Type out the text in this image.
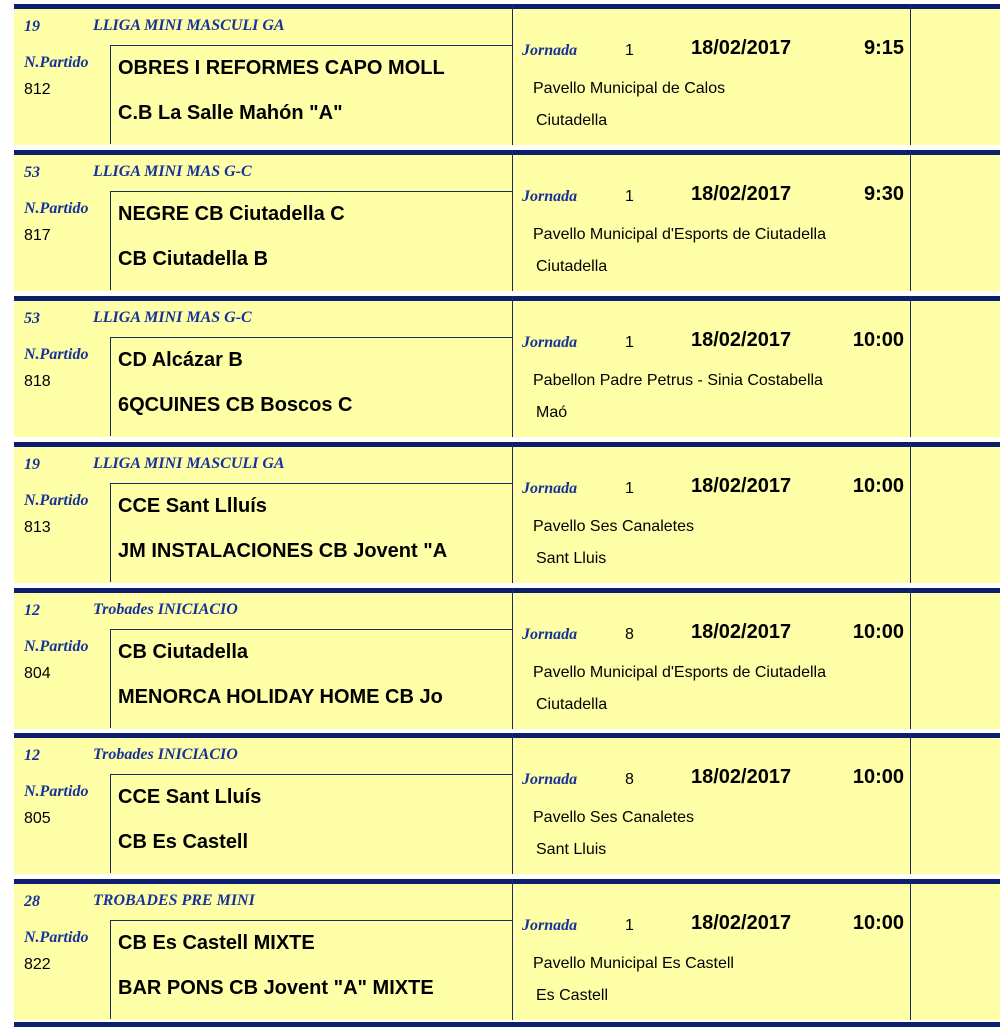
19	LLIGA MINI MASCULI GA
N.Partido
812
OBRES I REFORMES CAPO MOLL
C.B La Salle Mahón "A"
Jornada	1	18/02/2017	9:15
Pavello Municipal de Calos
Ciutadella
53	LLIGA MINI MAS G-C
N.Partido
817
NEGRE CB Ciutadella C
CB Ciutadella B
Jornada	1	18/02/2017	9:30
Pavello Municipal d'Esports de Ciutadella
Ciutadella
53	LLIGA MINI MAS G-C
N.Partido
818
CD Alcázar B
6QCUINES CB Boscos C
Jornada	1	18/02/2017	10:00
Pabellon Padre Petrus - Sinia Costabella
Maó
19	LLIGA MINI MASCULI GA
N.Partido
813
CCE Sant Llluís
JM INSTALACIONES CB Jovent "A
Jornada	1	18/02/2017	10:00
Pavello Ses Canaletes
Sant Lluis
12	Trobades INICIACIO
N.Partido
804
CB Ciutadella
MENORCA HOLIDAY HOME CB Jo
Jornada	8	18/02/2017	10:00
Pavello Municipal d'Esports de Ciutadella
Ciutadella
12	Trobades INICIACIO
N.Partido
805
CCE Sant Lluís
CB Es Castell
Jornada	8	18/02/2017	10:00
Pavello Ses Canaletes
Sant Lluis
28	TROBADES PRE MINI
N.Partido
822
CB Es Castell MIXTE
BAR PONS CB Jovent "A" MIXTE
Jornada	1	18/02/2017	10:00
Pavello Municipal Es Castell
Es Castell
